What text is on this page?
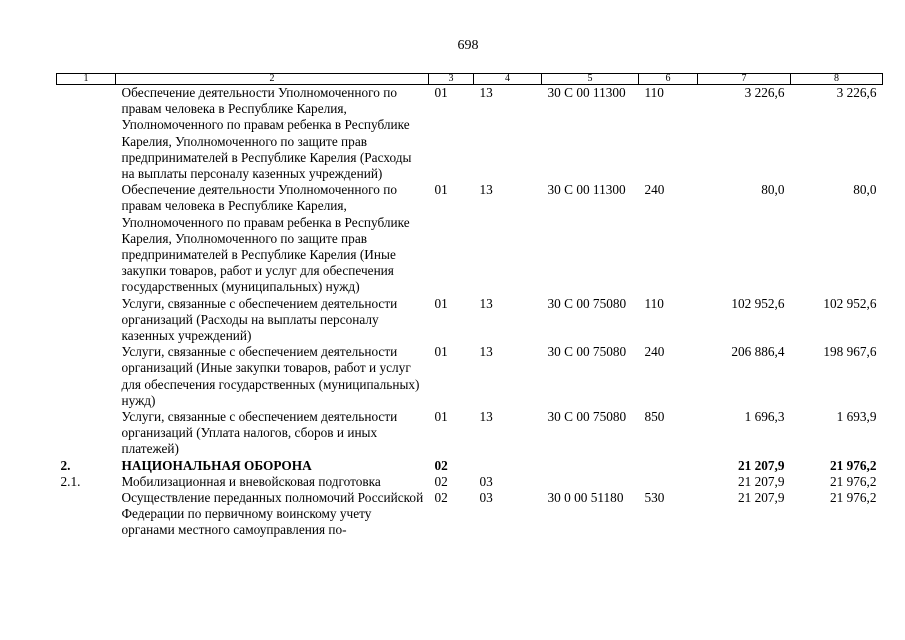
698
1	2	3	4	5	6	7	8
	Обеспечение деятельности Уполномоченного по правам человека в Республике Карелия, Уполномоченного по правам ребенка в Республике Карелия, Уполномоченного по защите прав предпринимателей в Республике Карелия (Расходы на выплаты персоналу казенных учреждений)	01	13	30 С 00 11300	110	3 226,6	3 226,6
	Обеспечение деятельности Уполномоченного по правам человека в Республике Карелия, Уполномоченного по правам ребенка в Республике Карелия, Уполномоченного по защите прав предпринимателей в Республике Карелия (Иные закупки товаров, работ и услуг для обеспечения государственных (муниципальных) нужд)	01	13	30 С 00 11300	240	80,0	80,0
	Услуги, связанные с обеспечением деятельности организаций (Расходы на выплаты персоналу казенных учреждений)	01	13	30 С 00 75080	110	102 952,6	102 952,6
	Услуги, связанные с обеспечением деятельности организаций (Иные закупки товаров, работ и услуг для обеспечения государственных (муниципальных) нужд)	01	13	30 С 00 75080	240	206 886,4	198 967,6
	Услуги, связанные с обеспечением деятельности организаций (Уплата налогов, сборов и иных платежей)	01	13	30 С 00 75080	850	1 696,3	1 693,9
2.	НАЦИОНАЛЬНАЯ ОБОРОНА	02				21 207,9	21 976,2
2.1.	Мобилизационная и вневойсковая подготовка	02	03			21 207,9	21 976,2
	Осуществление переданных полномочий Российской Федерации по первичному воинскому учету органами местного самоуправления по-	02	03	30 0 00 51180	530	21 207,9	21 976,2
